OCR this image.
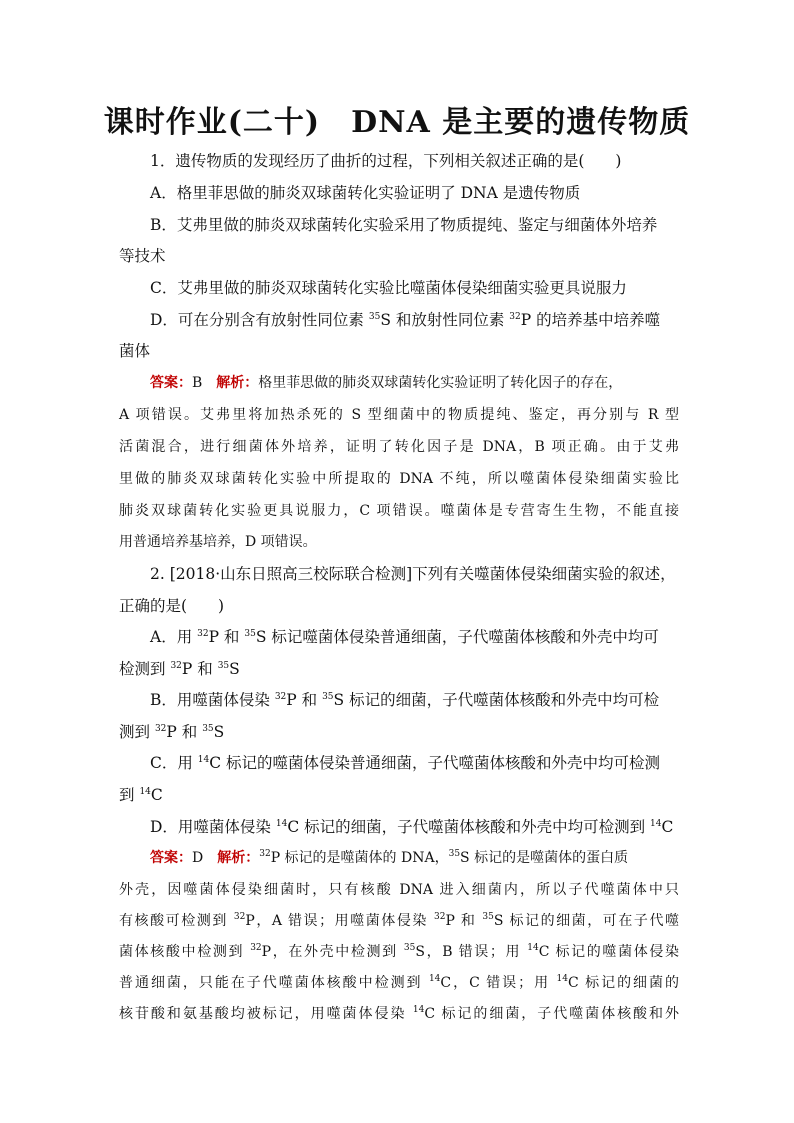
课时作业(二十)　DNA 是主要的遗传物质
1．遗传物质的发现经历了曲折的过程，下列相关叙述正确的是(　　)
A．格里菲思做的肺炎双球菌转化实验证明了 DNA 是遗传物质
B．艾弗里做的肺炎双球菌转化实验采用了物质提纯、鉴定与细菌体外培养
等技术
C．艾弗里做的肺炎双球菌转化实验比噬菌体侵染细菌实验更具说服力
D．可在分别含有放射性同位素 $^{35}$S 和放射性同位素 $^{32}$P 的培养基中培养噬
菌体
答案：B　解析：格里菲思做的肺炎双球菌转化实验证明了转化因子的存在，
A 项错误。艾弗里将加热杀死的 S 型细菌中的物质提纯、鉴定，再分别与 R 型
活菌混合，进行细菌体外培养，证明了转化因子是 DNA，B 项正确。由于艾弗
里做的肺炎双球菌转化实验中所提取的 DNA 不纯，所以噬菌体侵染细菌实验比
肺炎双球菌转化实验更具说服力，C 项错误。噬菌体是专营寄生生物，不能直接
用普通培养基培养，D 项错误。
2. [2018·山东日照高三校际联合检测]下列有关噬菌体侵染细菌实验的叙述，
正确的是(　　)
A．用 $^{32}$P 和 $^{35}$S 标记噬菌体侵染普通细菌，子代噬菌体核酸和外壳中均可
检测到 $^{32}$P 和 $^{35}$S
B．用噬菌体侵染 $^{32}$P 和 $^{35}$S 标记的细菌，子代噬菌体核酸和外壳中均可检
测到 $^{32}$P 和 $^{35}$S
C．用 $^{14}$C 标记的噬菌体侵染普通细菌，子代噬菌体核酸和外壳中均可检测
到 $^{14}$C
D．用噬菌体侵染 $^{14}$C 标记的细菌，子代噬菌体核酸和外壳中均可检测到 $^{14}$C
答案：D　解析：$^{32}$P 标记的是噬菌体的 DNA，$^{35}$S 标记的是噬菌体的蛋白质
外壳，因噬菌体侵染细菌时，只有核酸 DNA 进入细菌内，所以子代噬菌体中只
有核酸可检测到 $^{32}$P，A 错误；用噬菌体侵染 $^{32}$P 和 $^{35}$S 标记的细菌，可在子代噬
菌体核酸中检测到 $^{32}$P，在外壳中检测到 $^{35}$S，B 错误；用 $^{14}$C 标记的噬菌体侵染
普通细菌，只能在子代噬菌体核酸中检测到 $^{14}$C，C 错误；用 $^{14}$C 标记的细菌的
核苷酸和氨基酸均被标记，用噬菌体侵染 $^{14}$C 标记的细菌，子代噬菌体核酸和外
